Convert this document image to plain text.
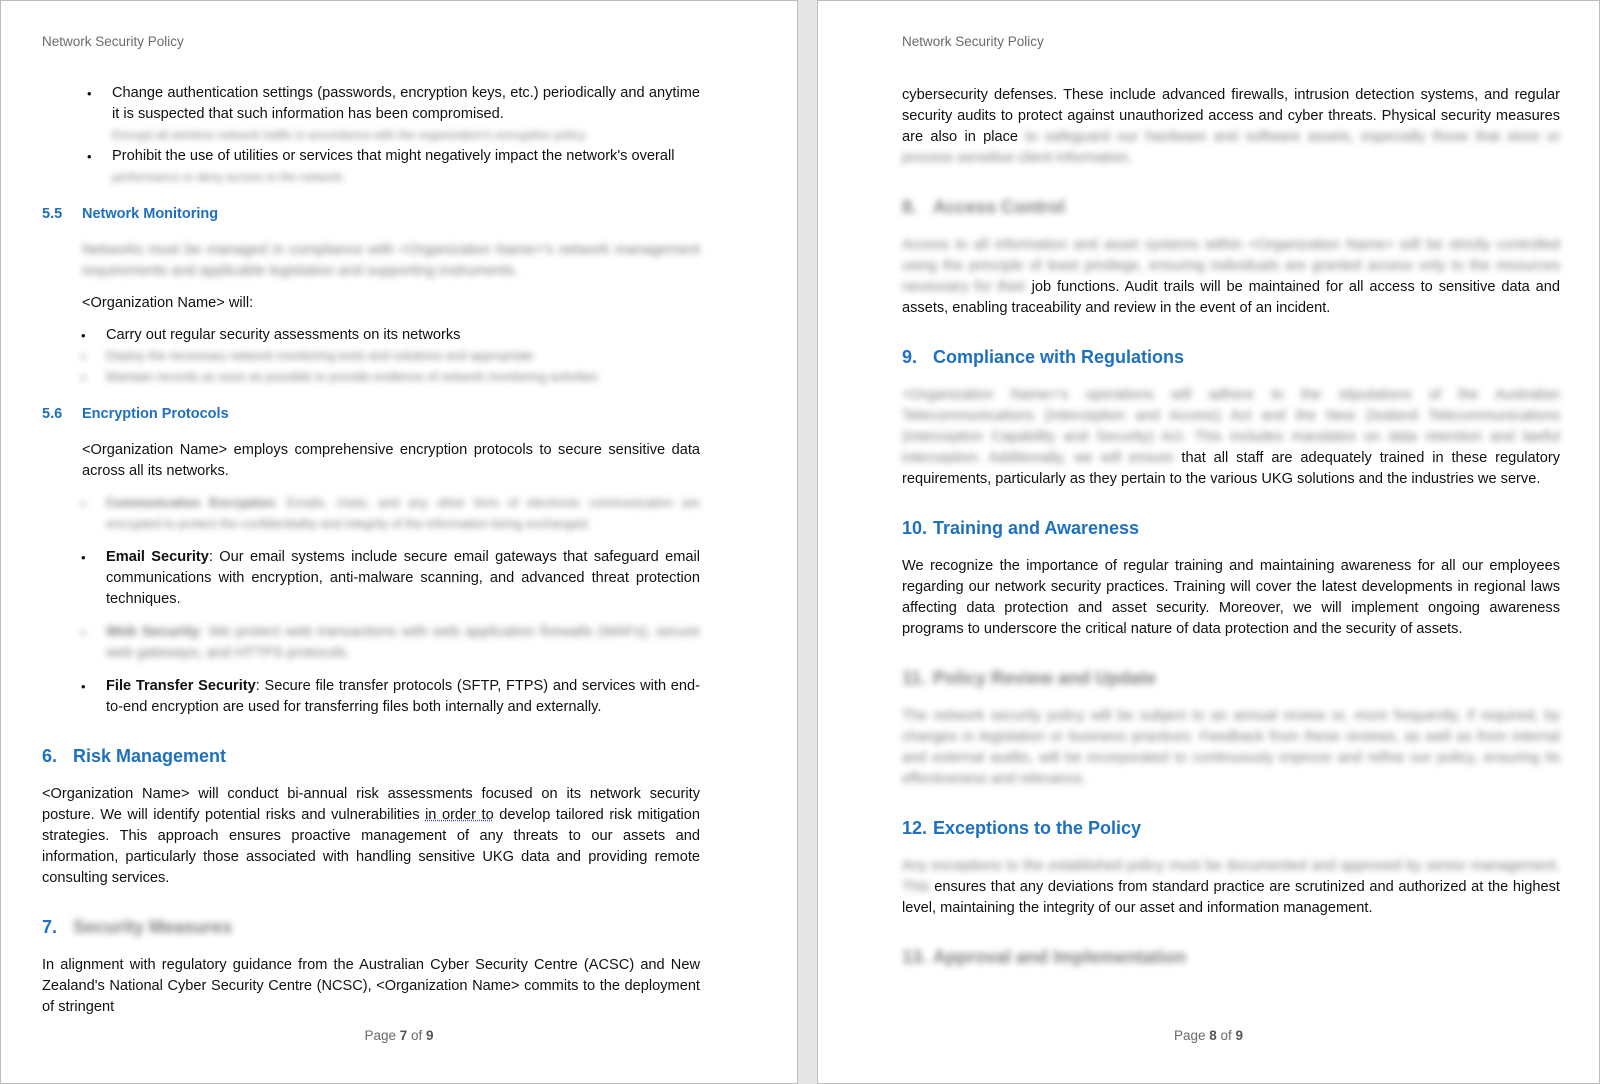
Network Security Policy
• Change authentication settings (passwords, encryption keys, etc.) periodically and anytime it is suspected that such information has been compromised.
• Encrypt all wireless network traffic in accordance with the organization's encryption policy.
• Prohibit the use of utilities or services that might negatively impact the network's overall
performance or deny access to the network.
5.5	Network Monitoring

Networks must be managed in compliance with <Organization Name>'s network management requirements and applicable legislation and supporting instruments.

<Organization Name> will:

• Carry out regular security assessments on its networks
• Deploy the necessary network monitoring tools and solutions and appropriate
• Maintain records as soon as possible to provide evidence of network monitoring activities
5.6	Encryption Protocols

<Organization Name> employs comprehensive encryption protocols to secure sensitive data across all its networks.

• Communication Encryption: Emails, chats, and any other form of electronic communication are encrypted to protect the confidentiality and integrity of the information being exchanged.
• Email Security: Our email systems include secure email gateways that safeguard email communications with encryption, anti-malware scanning, and advanced threat protection techniques.
• Web Security: We protect web transactions with web application firewalls (WAFs), secure web gateways, and HTTPS protocols.
• File Transfer Security: Secure file transfer protocols (SFTP, FTPS) and services with end-to-end encryption are used for transferring files both internally and externally.
6. Risk Management

<Organization Name> will conduct bi-annual risk assessments focused on its network security posture. We will identify potential risks and vulnerabilities in order to develop tailored risk mitigation strategies. This approach ensures proactive management of any threats to our assets and information, particularly those associated with handling sensitive UKG data and providing remote consulting services.

7. Security Measures

In alignment with regulatory guidance from the Australian Cyber Security Centre (ACSC) and New Zealand's National Cyber Security Centre (NCSC), <Organization Name> commits to the deployment of stringent

Page 7 of 9
Network Security Policy

cybersecurity defenses. These include advanced firewalls, intrusion detection systems, and regular security audits to protect against unauthorized access and cyber threats. Physical security measures are also in place to safeguard our hardware and software assets, especially those that store or process sensitive client information.

8. Access Control

Access to all information and asset systems within <Organization Name> will be strictly controlled using the principle of least privilege, ensuring individuals are granted access only to the resources necessary for their job functions. Audit trails will be maintained for all access to sensitive data and assets, enabling traceability and review in the event of an incident.

9. Compliance with Regulations

<Organization Name>'s operations will adhere to the stipulations of the Australian Telecommunications (Interception and Access) Act and the New Zealand Telecommunications (Interception Capability and Security) Act. This includes mandates on data retention and lawful interception. Additionally, we will ensure that all staff are adequately trained in these regulatory requirements, particularly as they pertain to the various UKG solutions and the industries we serve.

10. Training and Awareness

We recognize the importance of regular training and maintaining awareness for all our employees regarding our network security practices. Training will cover the latest developments in regional laws affecting data protection and asset security. Moreover, we will implement ongoing awareness programs to underscore the critical nature of data protection and the security of assets.

11. Policy Review and Update

The network security policy will be subject to an annual review or, more frequently, if required, by changes in legislation or business practices. Feedback from these reviews, as well as from internal and external audits, will be incorporated to continuously improve and refine our policy, ensuring its effectiveness and relevance.

12. Exceptions to the Policy

Any exceptions to the established policy must be documented and approved by senior management. This ensures that any deviations from standard practice are scrutinized and authorized at the highest level, maintaining the integrity of our asset and information management.

13. Approval and Implementation
Page 8 of 9
